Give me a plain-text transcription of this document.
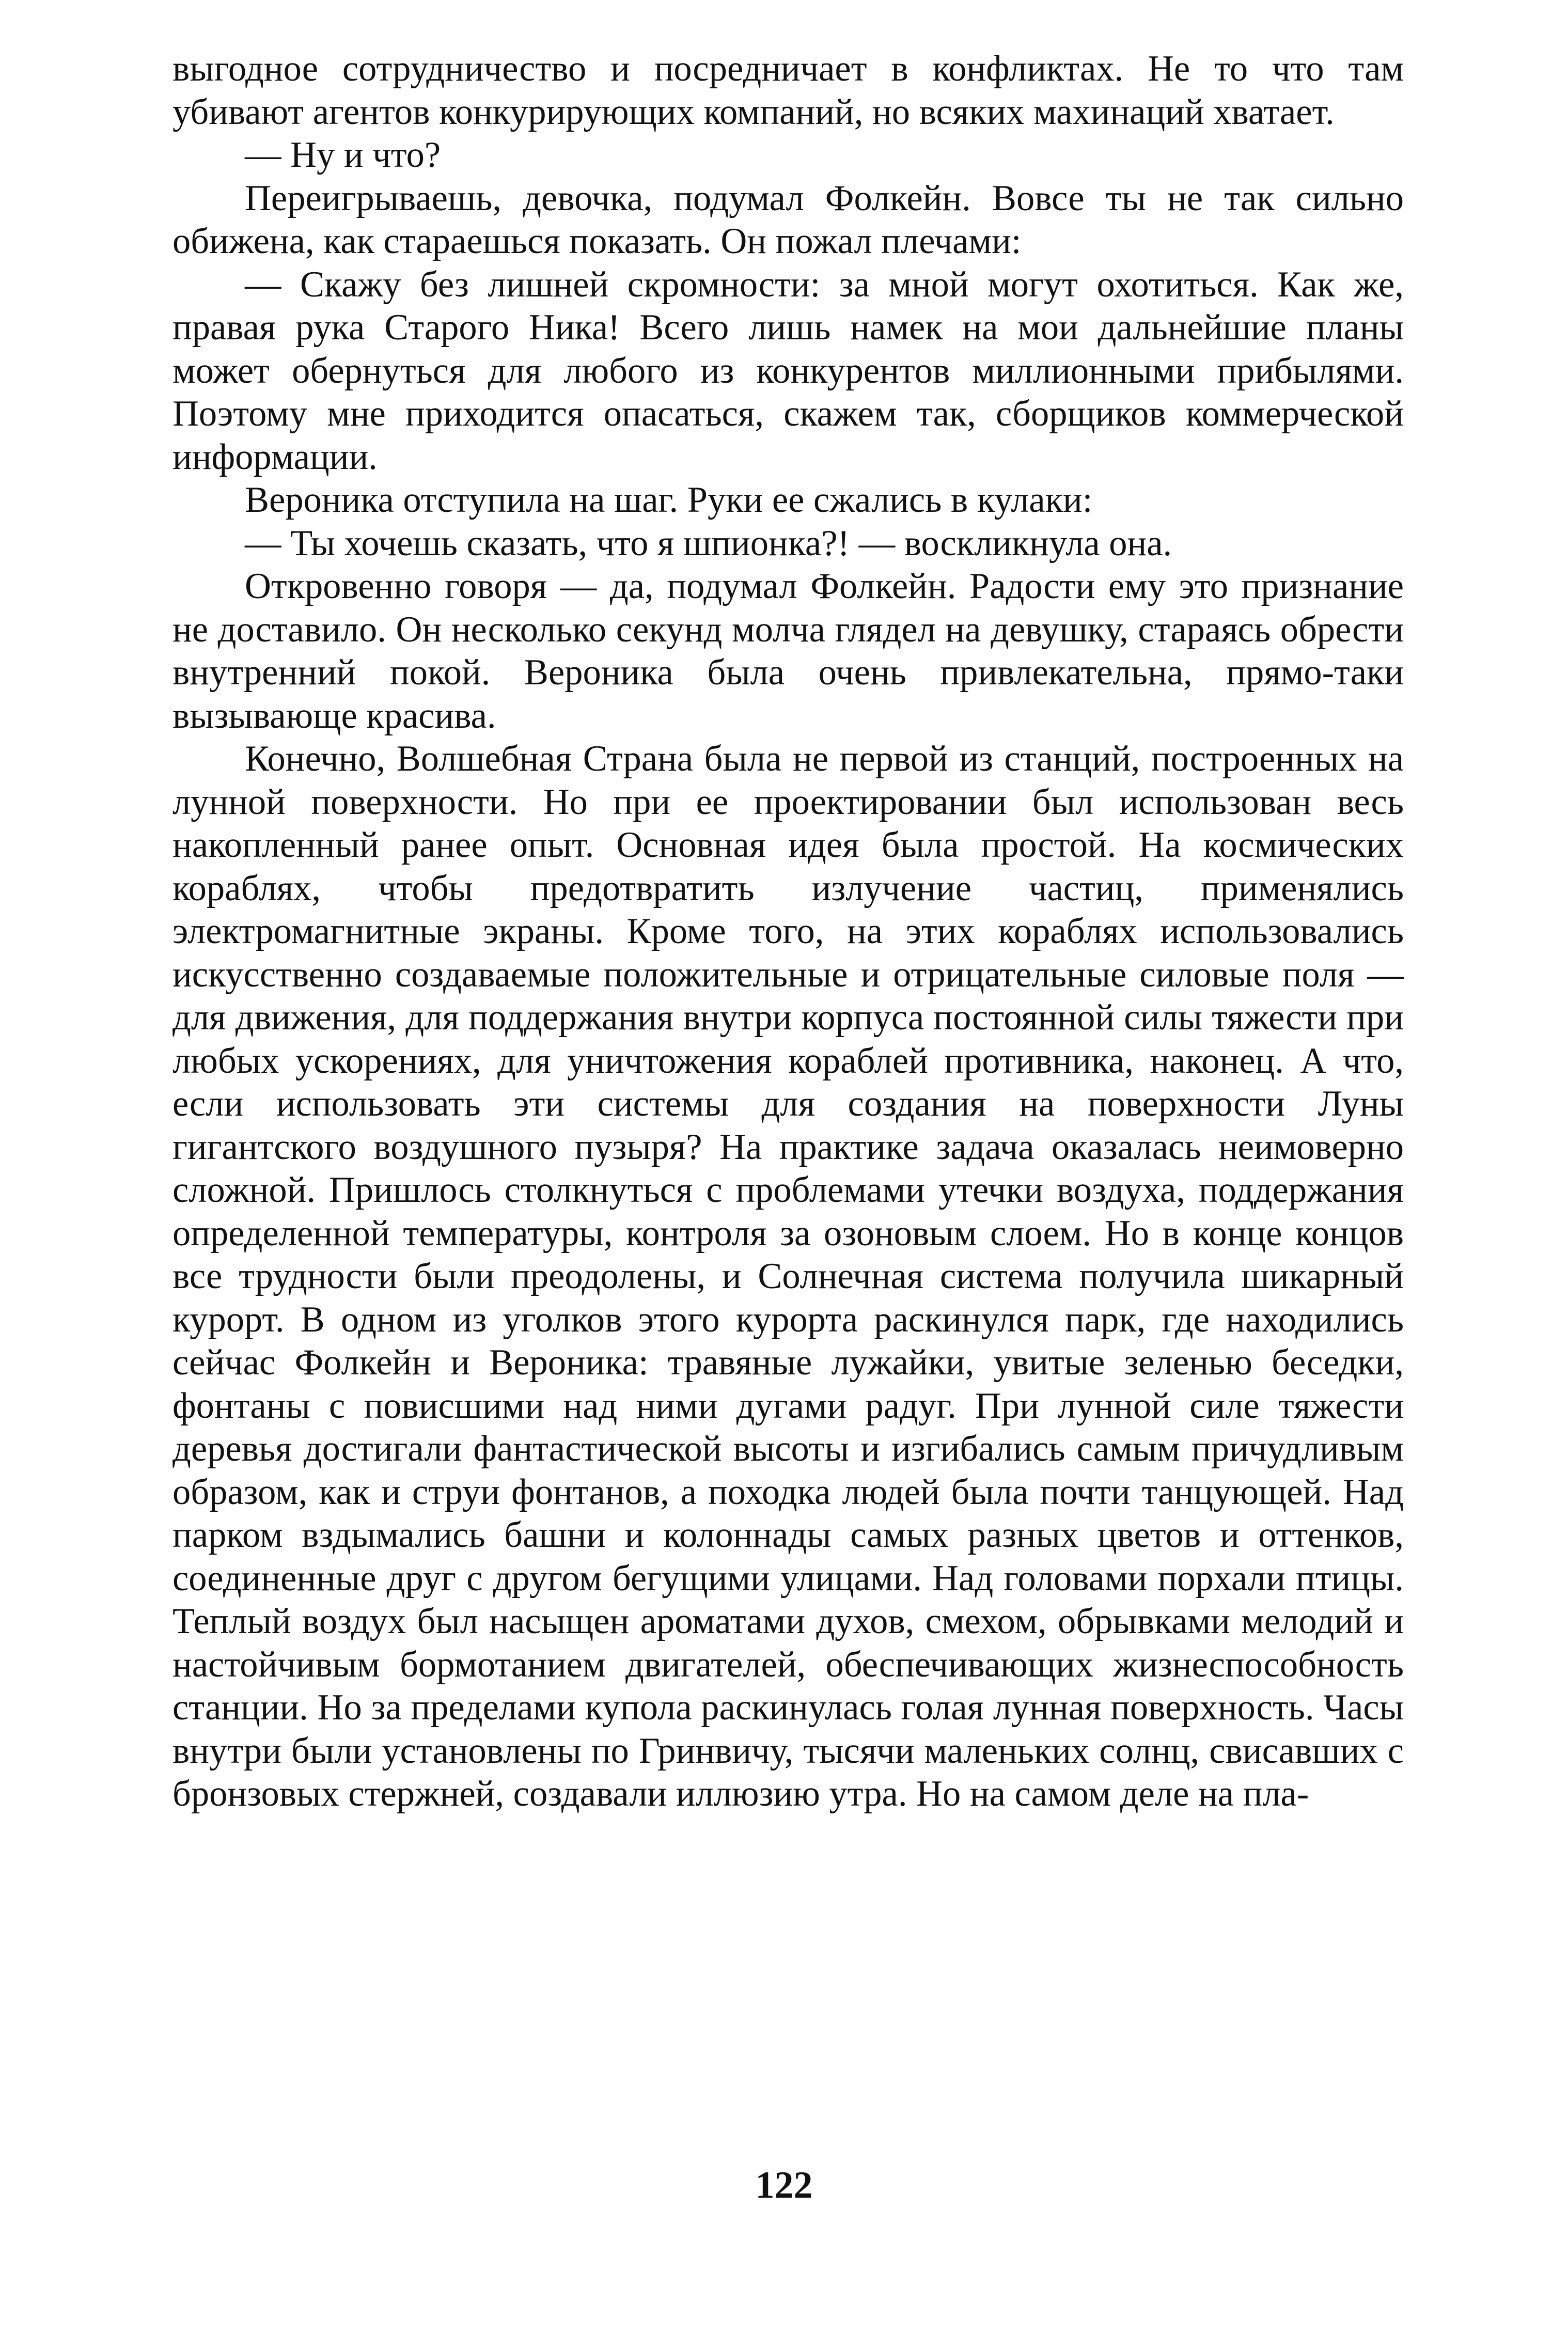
выгодное сотрудничество и посредничает в конфликтах. Не то что там убивают агентов конкурирующих компаний, но всяких махинаций хватает.

— Ну и что?

Переигрываешь, девочка, подумал Фолкейн. Вовсе ты не так сильно обижена, как стараешься показать. Он пожал плечами:

— Скажу без лишней скромности: за мной могут охотиться. Как же, правая рука Старого Ника! Всего лишь намек на мои дальнейшие планы может обернуться для любого из конкурентов миллионными прибылями. Поэтому мне приходится опасаться, скажем так, сборщиков коммерческой информации.

Вероника отступила на шаг. Руки ее сжались в кулаки:

— Ты хочешь сказать, что я шпионка?! — воскликнула она.

Откровенно говоря — да, подумал Фолкейн. Радости ему это признание не доставило. Он несколько секунд молча глядел на девушку, стараясь обрести внутренний покой. Вероника была очень привлекательна, прямо-таки вызывающе красива.

Конечно, Волшебная Страна была не первой из станций, построенных на лунной поверхности. Но при ее проектировании был использован весь накопленный ранее опыт. Основная идея была простой. На космических кораблях, чтобы предотвратить излучение частиц, применялись электромагнитные экраны. Кроме того, на этих кораблях использовались искусственно создаваемые положительные и отрицательные силовые поля — для движения, для поддержания внутри корпуса постоянной силы тяжести при любых ускорениях, для уничтожения кораблей противника, наконец. А что, если использовать эти системы для создания на поверхности Луны гигантского воздушного пузыря? На практике задача оказалась неимоверно сложной. Пришлось столкнуться с проблемами утечки воздуха, поддержания определенной температуры, контроля за озоновым слоем. Но в конце концов все трудности были преодолены, и Солнечная система получила шикарный курорт. В одном из уголков этого курорта раскинулся парк, где находились сейчас Фолкейн и Вероника: травяные лужайки, увитые зеленью беседки, фонтаны с повисшими над ними дугами радуг. При лунной силе тяжести деревья достигали фантастической высоты и изгибались самым причудливым образом, как и струи фонтанов, а походка людей была почти танцующей. Над парком вздымались башни и колоннады самых разных цветов и оттенков, соединенные друг с другом бегущими улицами. Над головами порхали птицы. Теплый воздух был насыщен ароматами духов, смехом, обрывками мелодий и настойчивым бормотанием двигателей, обеспечивающих жизнеспособность станции. Но за пределами купола раскинулась голая лунная поверхность. Часы внутри были установлены по Гринвичу, тысячи маленьких солнц, свисавших с бронзовых стержней, создавали иллюзию утра. Но на самом деле на пла-

122
